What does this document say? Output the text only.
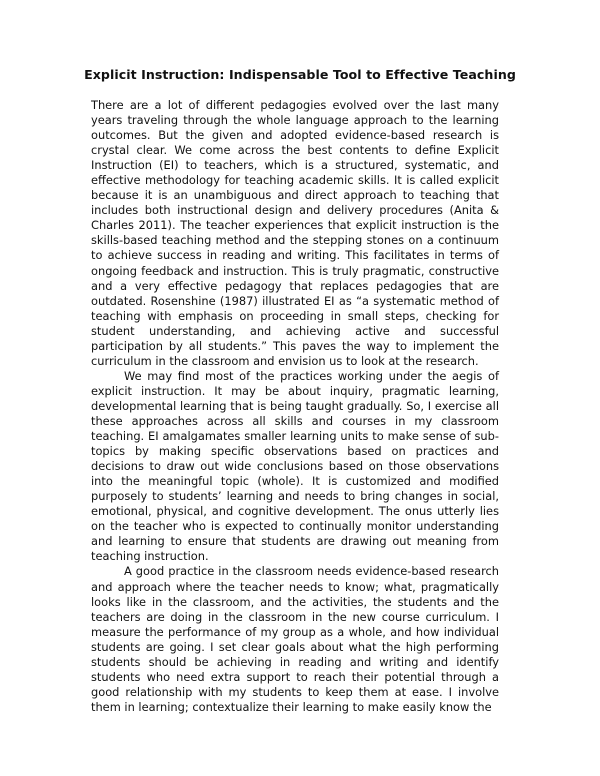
Explicit Instruction: Indispensable Tool to Effective Teaching

There are a lot of different pedagogies evolved over the last many years traveling through the whole language approach to the learning outcomes. But the given and adopted evidence-based research is crystal clear. We come across the best contents to define Explicit Instruction (EI) to teachers, which is a structured, systematic, and effective methodology for teaching academic skills. It is called explicit because it is an unambiguous and direct approach to teaching that includes both instructional design and delivery procedures (Anita & Charles 2011). The teacher experiences that explicit instruction is the skills-based teaching method and the stepping stones on a continuum to achieve success in reading and writing. This facilitates in terms of ongoing feedback and instruction. This is truly pragmatic, constructive and a very effective pedagogy that replaces pedagogies that are outdated. Rosenshine (1987) illustrated EI as “a systematic method of teaching with emphasis on proceeding in small steps, checking for student understanding, and achieving active and successful participation by all students.” This paves the way to implement the curriculum in the classroom and envision us to look at the research.

We may find most of the practices working under the aegis of explicit instruction. It may be about inquiry, pragmatic learning, developmental learning that is being taught gradually. So, I exercise all these approaches across all skills and courses in my classroom teaching. EI amalgamates smaller learning units to make sense of sub-topics by making specific observations based on practices and decisions to draw out wide conclusions based on those observations into the meaningful topic (whole). It is customized and modified purposely to students’ learning and needs to bring changes in social, emotional, physical, and cognitive development. The onus utterly lies on the teacher who is expected to continually monitor understanding and learning to ensure that students are drawing out meaning from teaching instruction.

A good practice in the classroom needs evidence-based research and approach where the teacher needs to know; what, pragmatically looks like in the classroom, and the activities, the students and the teachers are doing in the classroom in the new course curriculum. I measure the performance of my group as a whole, and how individual students are going. I set clear goals about what the high performing students should be achieving in reading and writing and identify students who need extra support to reach their potential through a good relationship with my students to keep them at ease. I involve them in learning; contextualize their learning to make easily know the
